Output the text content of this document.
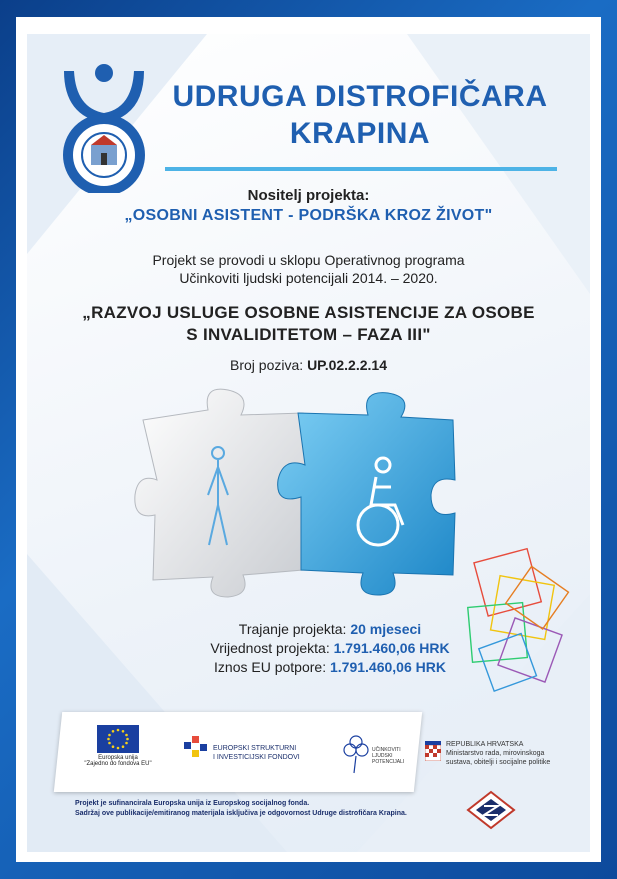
UDRUGA DISTROFIČARA
KRAPINA
Nositelj projekta:
„OSOBNI ASISTENT - PODRŠKA KROZ ŽIVOT"
Projekt se provodi u sklopu Operativnog programa
Učinkoviti ljudski potencijali 2014. – 2020.
„RAZVOJ USLUGE OSOBNE ASISTENCIJE ZA OSOBE
S INVALIDITETOM – FAZA III"
Broj poziva: UP.02.2.2.14
Trajanje projekta: 20 mjeseci
Vrijednost projekta: 1.791.460,06 HRK
Iznos EU potpore: 1.791.460,06 HRK
Europska unija
"Zajedno do fondova EU"
EUROPSKI STRUKTURNI
I INVESTICIJSKI FONDOVI
UČINKOVITI
LJUDSKI
POTENCIJALI
REPUBLIKA HRVATSKA
Ministarstvo rada, mirovinskoga
sustava, obitelji i socijalne politike
Projekt je sufinancirala Europska unija iz Europskog socijalnog fonda.
Sadržaj ove publikacije/emitiranog materijala isključiva je odgovornost Udruge distrofičara Krapina.
